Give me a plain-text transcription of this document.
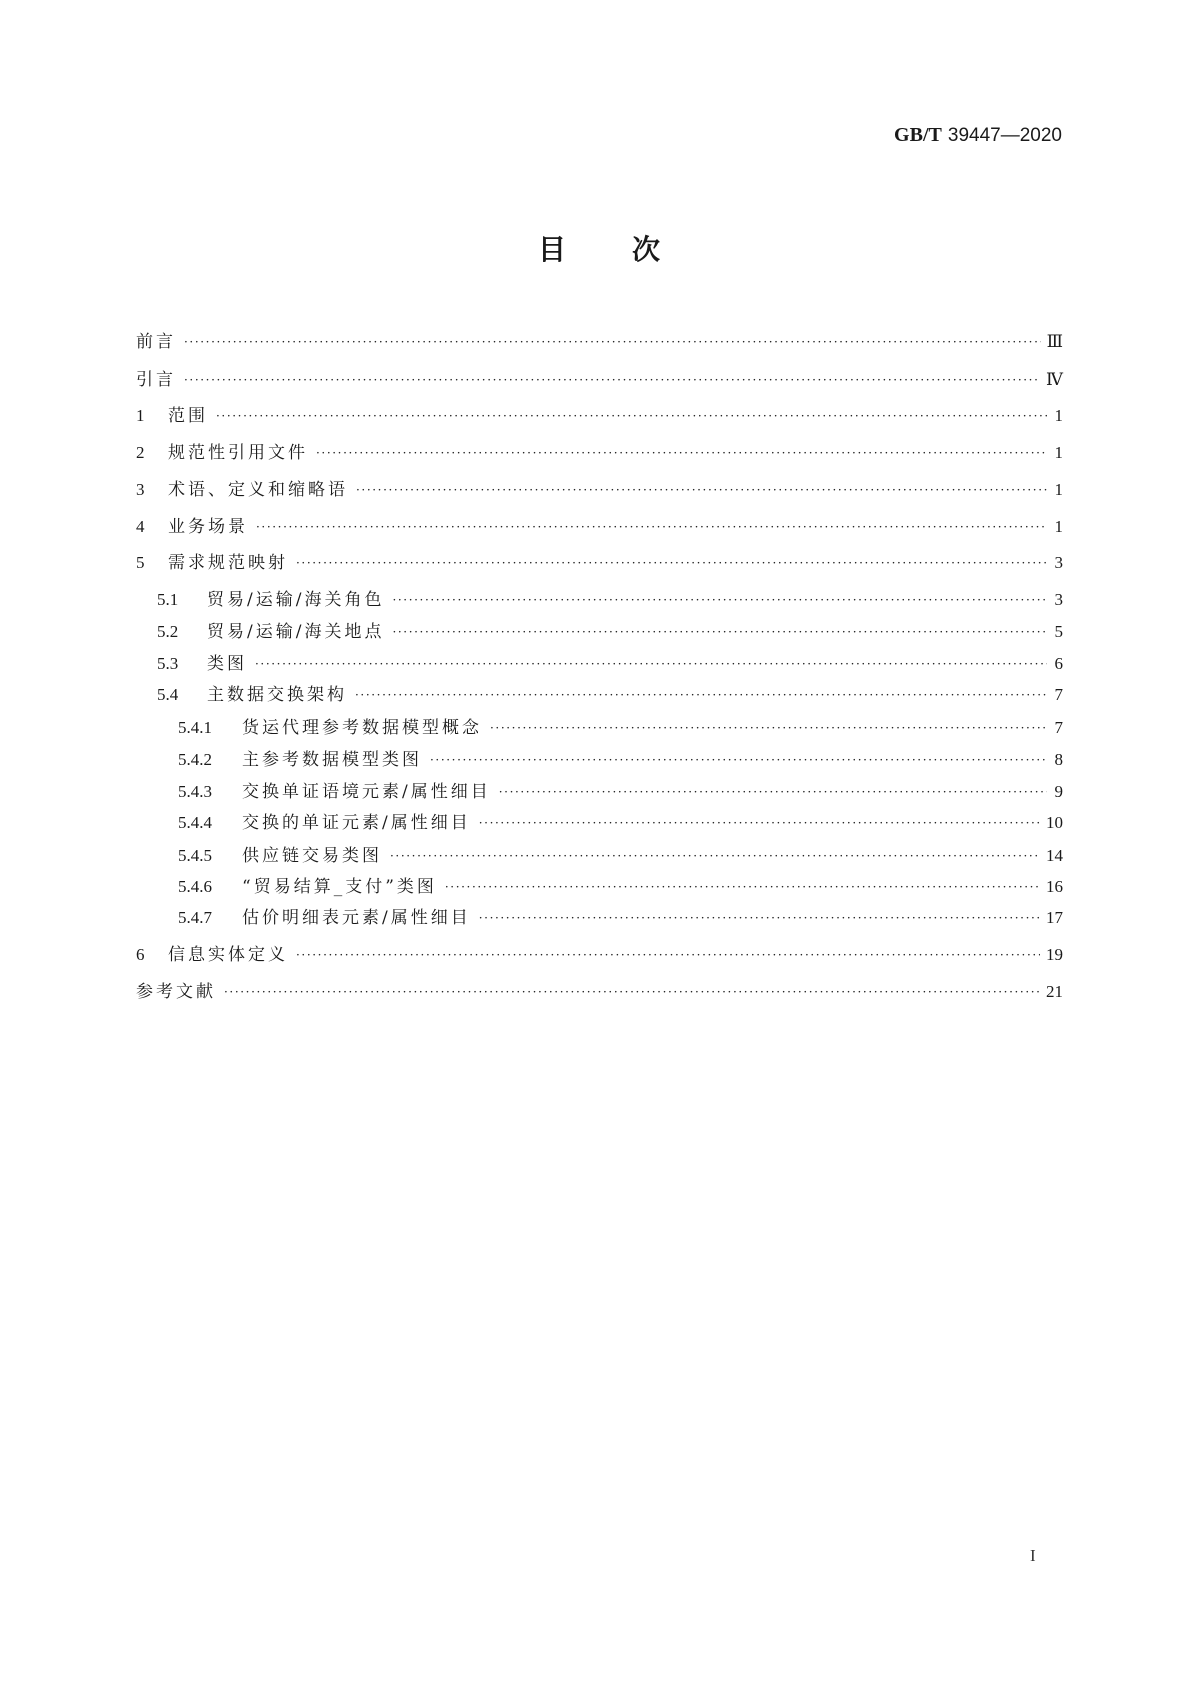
GB/T 39447—2020
目 次
前言 ·····	Ⅲ
引言 ·····	Ⅳ
1	范围 ·····	1
2	规范性引用文件 ·····	1
3	术语、定义和缩略语 ·····	1
4	业务场景 ·····	1
5	需求规范映射 ·····	3
5.1	贸易/运输/海关角色 ·····	3
5.2	贸易/运输/海关地点 ·····	5
5.3	类图 ·····	6
5.4	主数据交换架构 ·····	7
5.4.1	货运代理参考数据模型概念 ·····	7
5.4.2	主参考数据模型类图 ·····	8
5.4.3	交换单证语境元素/属性细目 ·····	9
5.4.4	交换的单证元素/属性细目 ·····	10
5.4.5	供应链交易类图 ·····	14
5.4.6	“贸易结算_支付”类图 ·····	16
5.4.7	估价明细表元素/属性细目 ·····	17
6	信息实体定义 ·····	19
参考文献 ·····	21
I
